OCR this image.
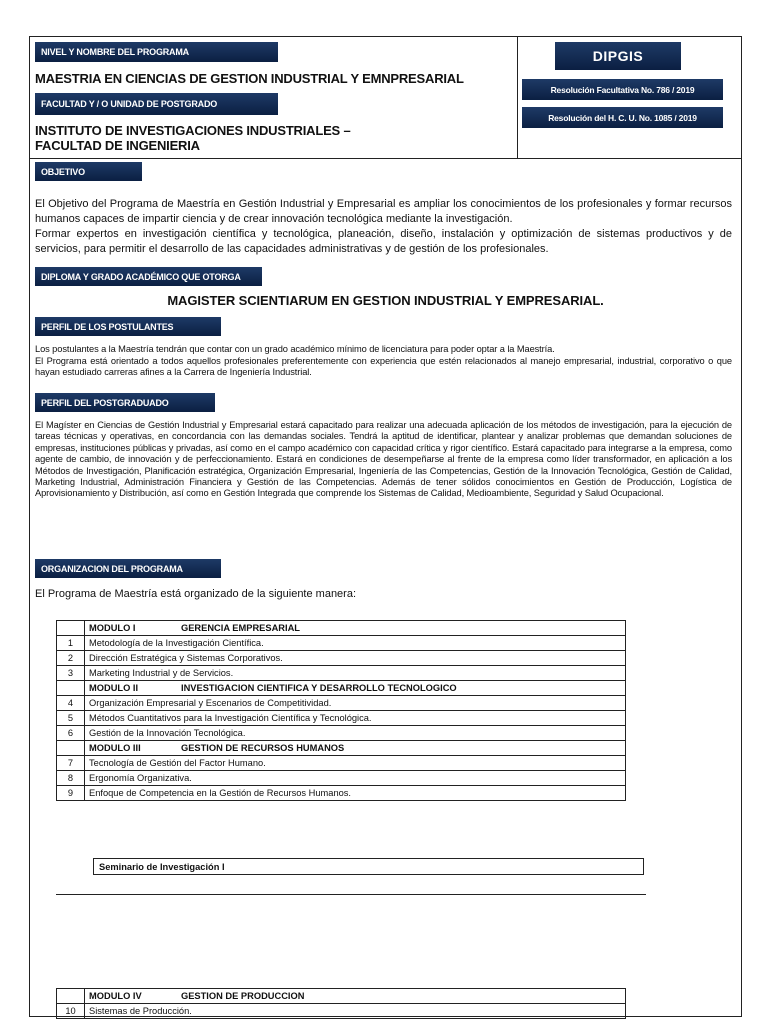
NIVEL Y NOMBRE DEL PROGRAMA
MAESTRIA EN CIENCIAS DE GESTION INDUSTRIAL Y EMNPRESARIAL
FACULTAD Y / O UNIDAD DE POSTGRADO
INSTITUTO DE INVESTIGACIONES INDUSTRIALES –
FACULTAD DE INGENIERIA
DIPGIS
Resolución Facultativa No. 786 / 2019
Resolución del H. C. U. No. 1085 / 2019
OBJETIVO

El Objetivo del Programa de Maestría en Gestión Industrial y Empresarial es ampliar los conocimientos de los profesionales y formar recursos humanos capaces de impartir ciencia y de crear innovación tecnológica mediante la investigación.

Formar expertos en investigación científica y tecnológica, planeación, diseño, instalación y optimización de sistemas productivos y de servicios, para permitir el desarrollo de las capacidades administrativas y de gestión de los profesionales.

DIPLOMA Y GRADO ACADÉMICO QUE OTORGA
MAGISTER SCIENTIARUM EN GESTION INDUSTRIAL Y EMPRESARIAL.
PERFIL DE LOS POSTULANTES

Los postulantes a la Maestría tendrán que contar con un grado académico mínimo de licenciatura para poder optar a la Maestría.

El Programa está orientado a todos aquellos profesionales preferentemente con experiencia que estén relacionados al manejo empresarial, industrial, corporativo o que hayan estudiado carreras afines a la Carrera de Ingeniería Industrial.

PERFIL DEL POSTGRADUADO

El Magíster en Ciencias de Gestión Industrial y Empresarial estará capacitado para realizar una adecuada aplicación de los métodos de investigación, para la ejecución de tareas técnicas y operativas, en concordancia con las demandas sociales. Tendrá la aptitud de identificar, plantear y analizar problemas que demandan soluciones de empresas, instituciones públicas y privadas, así como en el campo académico con capacidad crítica y rigor científico. Estará capacitado para integrarse a la empresa, como agente de cambio, de innovación y de perfeccionamiento. Estará en condiciones de desempeñarse al frente de la empresa como líder transformador, en aplicación a los Métodos de Investigación, Planificación estratégica, Organización Empresarial, Ingeniería de las Competencias, Gestión de la Innovación Tecnológica, Gestión de Calidad, Marketing Industrial, Administración Financiera y Gestión de las Competencias. Además de tener sólidos conocimientos en Gestión de Producción, Logística de Aprovisionamiento y Distribución, así como en Gestión Integrada que comprende los Sistemas de Calidad, Medioambiente, Seguridad y Salud Ocupacional.

ORGANIZACION DEL PROGRAMA

El Programa de Maestría está organizado de la siguiente manera:

	MODULO I GERENCIA EMPRESARIAL
1	Metodología de la Investigación Científica.
2	Dirección Estratégica y Sistemas Corporativos.
3	Marketing Industrial y de Servicios.
	MODULO II INVESTIGACION CIENTIFICA Y DESARROLLO TECNOLOGICO
4	Organización Empresarial y Escenarios de Competitividad.
5	Métodos Cuantitativos para la Investigación Científica y Tecnológica.
6	Gestión de la Innovación Tecnológica.
	MODULO III GESTION DE RECURSOS HUMANOS
7	Tecnología de Gestión del Factor Humano.
8	Ergonomía Organizativa.
9	Enfoque de Competencia en la Gestión de Recursos Humanos.
Seminario de Investigación I
	MODULO IV GESTION DE PRODUCCION
10	Sistemas de Producción.
